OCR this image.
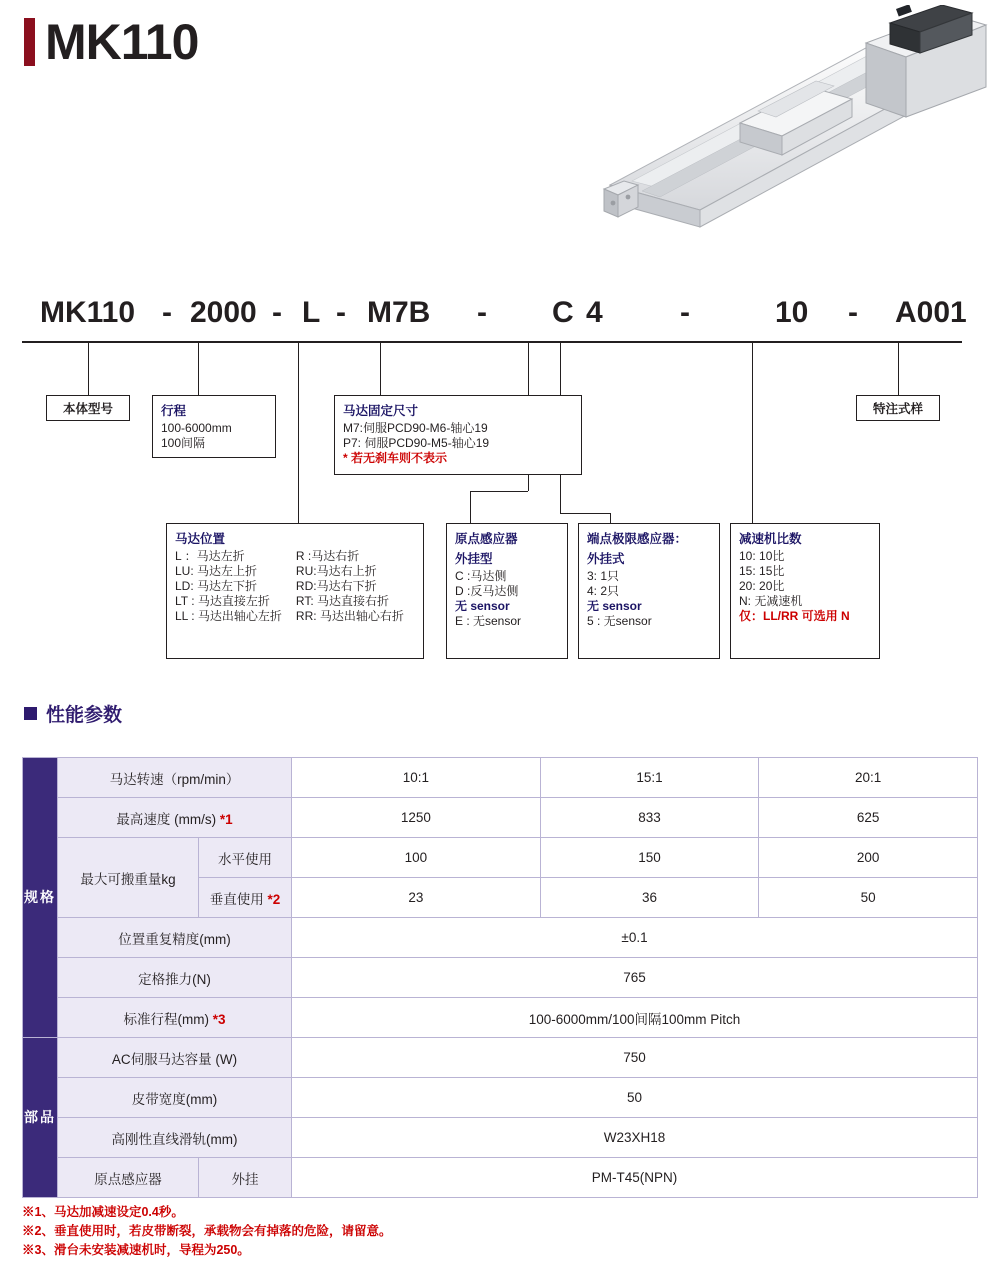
MK110
MK110 - 2000 - L - M7B - C 4	-	10 - A001
本体型号	特注式样
行程
100-6000mm
100间隔
马达固定尺寸
M7:伺服PCD90-M6-轴心19
P7: 伺服PCD90-M5-轴心19
* 若无刹车则不表示
马达位置
L ：马达左折
LU: 马达左上折
LD: 马达左下折
LT : 马达直接左折
LL : 马达出轴心左折
R :马达右折
RU:马达右上折
RD:马达右下折
RT: 马达直接右折
RR: 马达出轴心右折
原点感应器
外挂型
C :马达侧
D :反马达侧
无 sensor
E : 无sensor
端点极限感应器：
外挂式
3: 1只
4: 2只
无 sensor
5 : 无sensor
减速机比数
10: 10比
15: 15比
20: 20比
N: 无减速机
仅：LL/RR 可选用 N
性能参数
规格	马达转速（rpm/min）		10:1	15:1	20:1
	最高速度 (mm/s) *1		1250	833	625
	最大可搬重量kg	水平使用	100	150	200
		垂直使用 *2	23	36	50
	位置重复精度(mm)		±0.1		
	定格推力(N)		765		
	标准行程(mm) *3		100-6000mm/100间隔100mm Pitch		
部品	AC伺服马达容量 (W)		750		
	皮带宽度(mm)		50		
	高刚性直线滑轨(mm)		W23XH18		
	原点感应器	外挂	PM-T45(NPN)		
※1、马达加减速设定0.4秒。
※2、垂直使用时，若皮带断裂，承载物会有掉落的危险，请留意。
※3、滑台未安装减速机时，导程为250。
